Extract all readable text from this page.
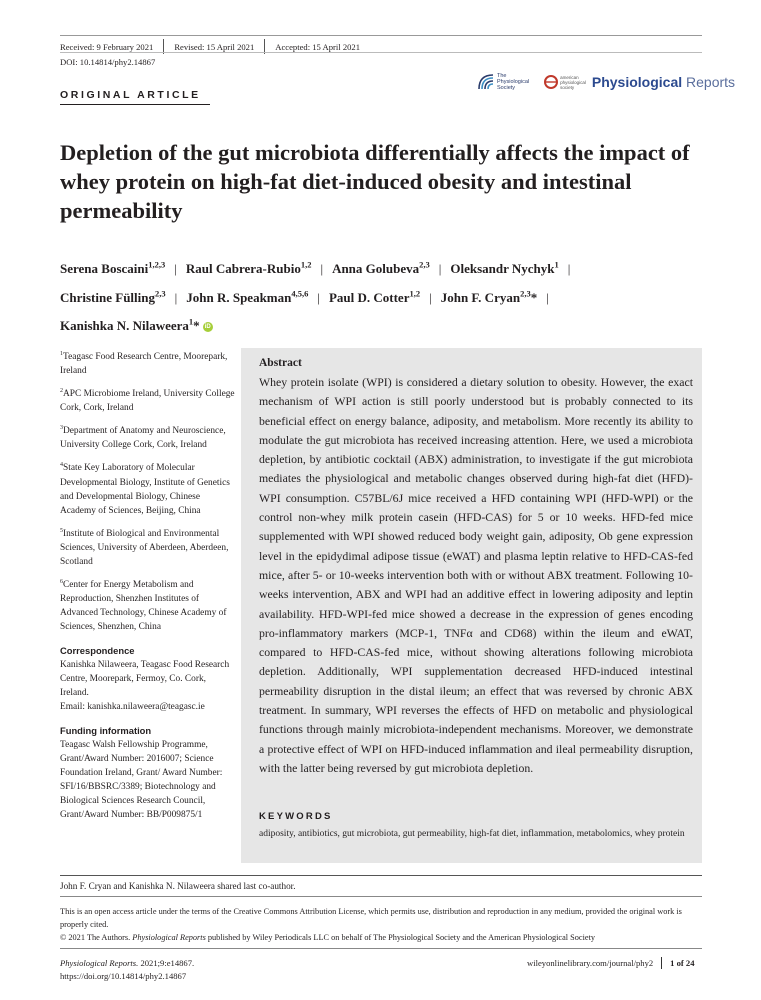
Received: 9 February 2021 Revised: 15 April 2021 Accepted: 15 April 2021
DOI: 10.14814/phy2.14867
ORIGINAL ARTICLE
The
Physiological
Society
american
physiological
society	Physiological Reports
Depletion of the gut microbiota differentially affects the impact of whey protein on high-fat diet-induced obesity and intestinal permeability
Serena Boscaini$^{1,2,3}$ | Raul Cabrera-Rubio$^{1,2}$ | Anna Golubeva$^{2,3}$ | Oleksandr Nychyk$^1$ |
Christine Fülling$^{2,3}$ | John R. Speakman$^{4,5,6}$ | Paul D. Cotter$^{1,2}$ | John F. Cryan$^{2,3}$* |
Kanishka N. Nilaweera$^1$* iD

$^1$Teagasc Food Research Centre, Moorepark, Ireland

$^2$APC Microbiome Ireland, University College Cork, Cork, Ireland

$^3$Department of Anatomy and Neuroscience, University College Cork, Cork, Ireland

$^4$State Key Laboratory of Molecular Developmental Biology, Institute of Genetics and Developmental Biology, Chinese Academy of Sciences, Beijing, China

$^5$Institute of Biological and Environmental Sciences, University of Aberdeen, Aberdeen, Scotland

$^6$Center for Energy Metabolism and Reproduction, Shenzhen Institutes of Advanced Technology, Chinese Academy of Sciences, Shenzhen, China

Correspondence

Kanishka Nilaweera, Teagasc Food Research Centre, Moorepark, Fermoy, Co. Cork, Ireland.

Email: kanishka.nilaweera@teagasc.ie

Funding information

Teagasc Walsh Fellowship Programme, Grant/Award Number: 2016007; Science Foundation Ireland, Grant/ Award Number: SFI/16/BBSRC/3389; Biotechnology and Biological Sciences Research Council, Grant/Award Number: BB/P009875/1

Abstract
Whey protein isolate (WPI) is considered a dietary solution to obesity. However, the exact mechanism of WPI action is still poorly understood but is probably connected to its beneficial effect on energy balance, adiposity, and metabolism. More recently its ability to modulate the gut microbiota has received increasing attention. Here, we used a microbiota depletion, by antibiotic cocktail (ABX) administration, to investigate if the gut microbiota mediates the physiological and metabolic changes observed during high-fat diet (HFD)-WPI consumption. C57BL/6J mice received a HFD containing WPI (HFD-WPI) or the control non-whey milk protein casein (HFD-CAS) for 5 or 10 weeks. HFD-fed mice supplemented with WPI showed reduced body weight gain, adiposity, Ob gene expression level in the epidydimal adipose tissue (eWAT) and plasma leptin relative to HFD-CAS-fed mice, after 5- or 10-weeks intervention both with or without ABX treatment. Following 10-weeks intervention, ABX and WPI had an additive effect in lowering adiposity and leptin availability. HFD-WPI-fed mice showed a decrease in the expression of genes encoding pro-inflammatory markers (MCP-1, TNFα and CD68) within the ileum and eWAT, compared to HFD-CAS-fed mice, without showing alterations following microbiota depletion. Additionally, WPI supplementation decreased HFD-induced intestinal permeability disruption in the distal ileum; an effect that was reversed by chronic ABX treatment. In summary, WPI reverses the effects of HFD on metabolic and physiological functions through mainly microbiota-independent mechanisms. Moreover, we demonstrate a protective effect of WPI on HFD-induced inflammation and ileal permeability disruption, with the latter being reversed by gut microbiota depletion.
KEYWORDS
adiposity, antibiotics, gut microbiota, gut permeability, high-fat diet, inflammation, metabolomics, whey protein
John F. Cryan and Kanishka N. Nilaweera shared last co-author.
This is an open access article under the terms of the Creative Commons Attribution License, which permits use, distribution and reproduction in any medium, provided the original work is properly cited.
© 2021 The Authors. Physiological Reports published by Wiley Periodicals LLC on behalf of The Physiological Society and the American Physiological Society
Physiological Reports. 2021;9:e14867.
https://doi.org/10.14814/phy2.14867
wileyonlinelibrary.com/journal/phy2 1 of 24
